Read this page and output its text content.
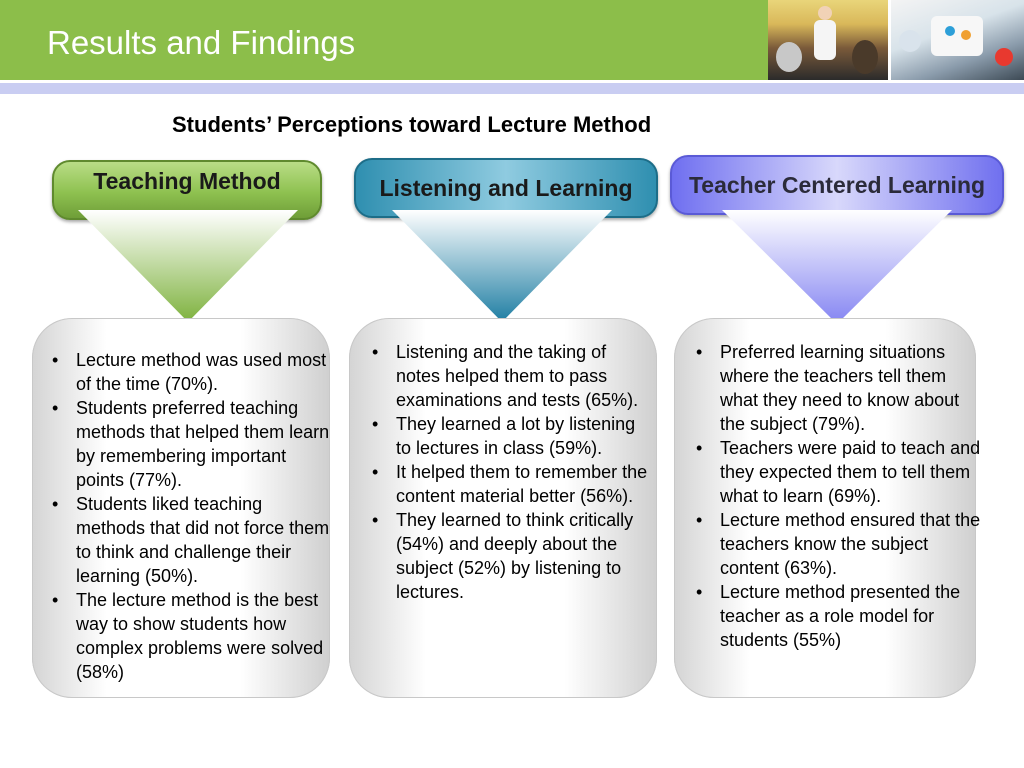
Results and Findings
Students’ Perceptions toward Lecture Method
Teaching Method	Listening and Learning Teacher Centered Learning
• Lecture method was used most of the time (70%).
• Students preferred teaching methods that helped them learn by remembering important points (77%).
• Students liked teaching methods that did not force them to think and challenge their learning (50%).
• The lecture method is the best way to show students how complex problems were solved (58%)
• Listening and the taking of notes helped them to pass examinations and tests (65%).
• They learned a lot by listening to lectures in class (59%).
• It helped them to remember the content material better (56%).
• They learned to think critically (54%) and deeply about the subject (52%) by listening to lectures.
• Preferred learning situations where the teachers tell them what they need to know about the subject (79%).
• Teachers were paid to teach and they expected them to tell them what to learn (69%).
• Lecture method ensured that the teachers know the subject content (63%).
• Lecture method presented the teacher as a role model for students (55%)
